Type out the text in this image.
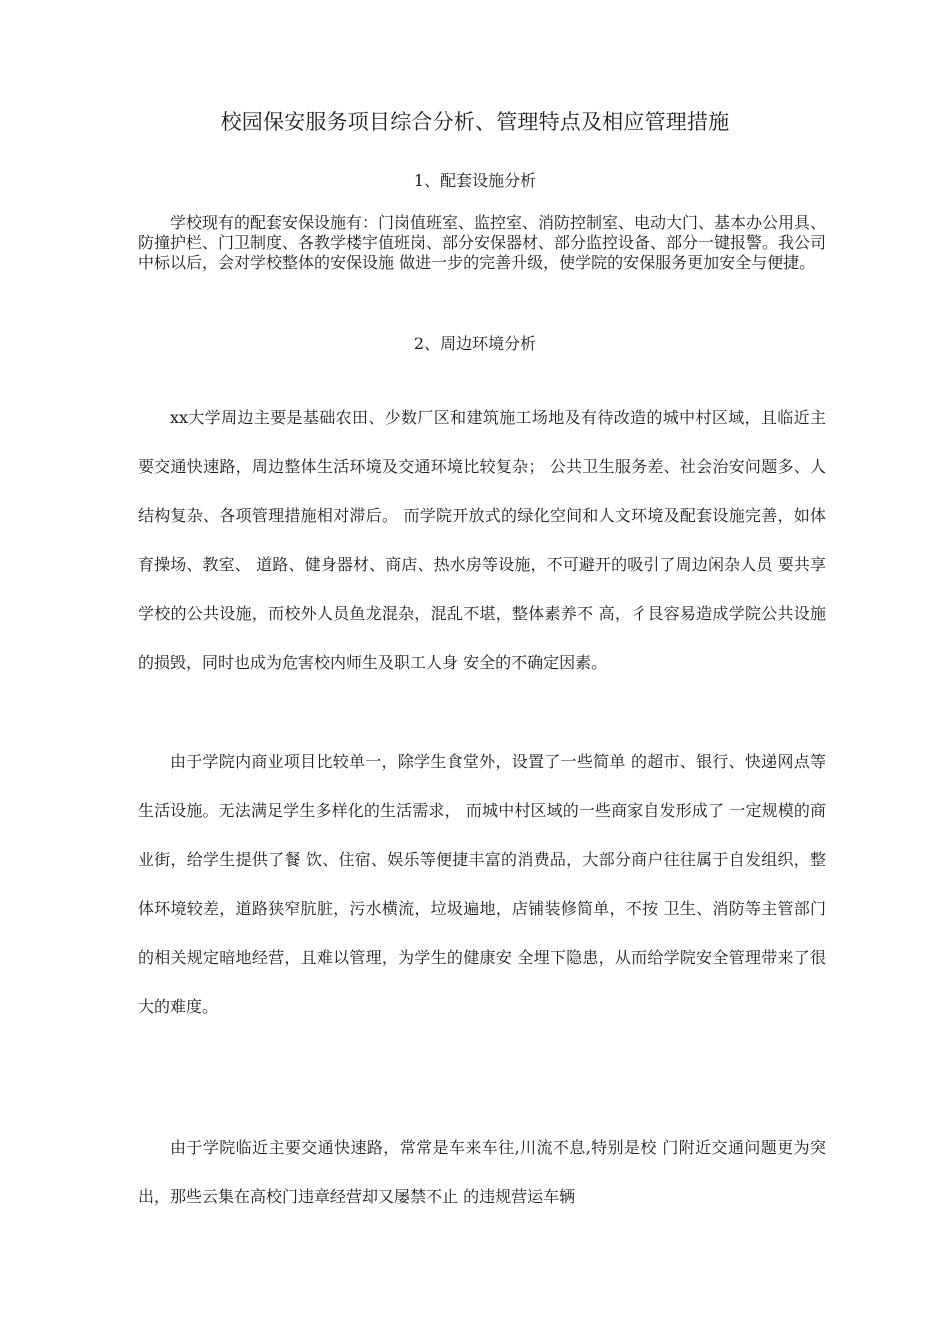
校园保安服务项目综合分析、管理特点及相应管理措施
1、配套设施分析
学校现有的配套安保设施有：门岗值班室、监控室、消防控制室、电动大门、基本办公用具、防撞护栏、门卫制度、各教学楼宇值班岗、部分安保器材、部分监控设备、部分一键报警。我公司中标以后，会对学校整体的安保设施 做进一步的完善升级，使学院的安保服务更加安全与便捷。
2、周边环境分析
xx大学周边主要是基础农田、少数厂区和建筑施工场地及有待改造的城中村区域，且临近主要交通快速路，周边整体生活环境及交通环境比较复杂； 公共卫生服务差、社会治安问题多、人结构复杂、各项管理措施相对滞后。 而学院开放式的绿化空间和人文环境及配套设施完善，如体育操场、教室、 道路、健身器材、商店、热水房等设施，不可避开的吸引了周边闲杂人员 要共享学校的公共设施，而校外人员鱼龙混杂，混乱不堪，整体素养不 高，彳艮容易造成学院公共设施的损毁，同时也成为危害校内师生及职工人身 安全的不确定因素。
由于学院内商业项目比较单一，除学生食堂外，设置了一些简单 的超市、银行、快递网点等生活设施。无法满足学生多样化的生活需求， 而城中村区域的一些商家自发形成了 一定规模的商业街，给学生提供了餐 饮、住宿、娱乐等便捷丰富的消费品，大部分商户往往属于自发组织，整 体环境较差，道路狭窄肮脏，污水横流，垃圾遍地，店铺装修简单，不按 卫生、消防等主管部门的相关规定暗地经营，且难以管理，为学生的健康安 全埋下隐患，从而给学院安全管理带来了很大的难度。
由于学院临近主要交通快速路，常常是车来车往,川流不息,特别是校 门附近交通问题更为突出，那些云集在高校门违章经营却又屡禁不止 的违规营运车辆
